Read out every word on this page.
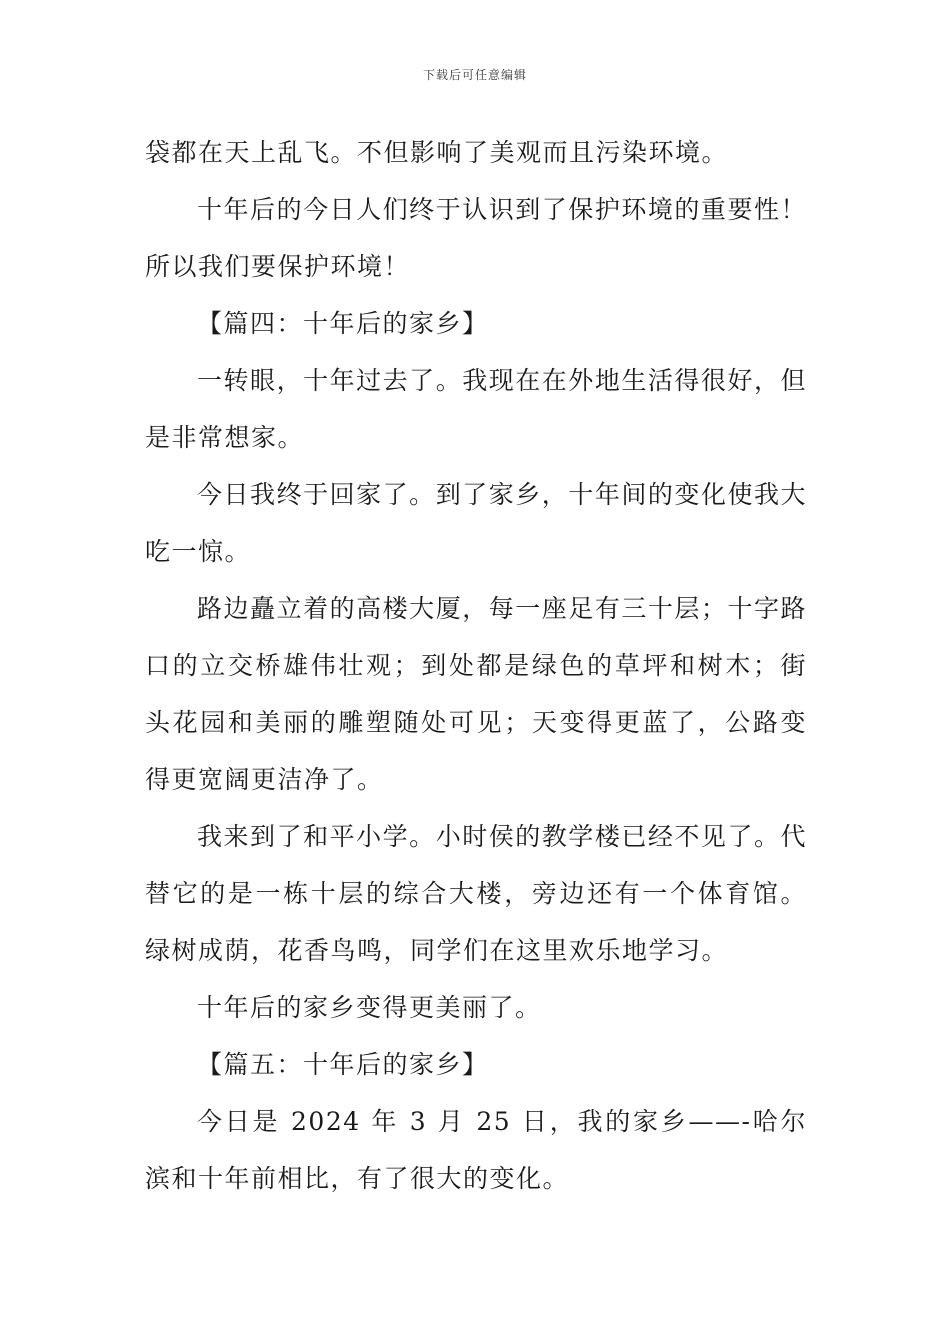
下载后可任意编辑

袋都在天上乱飞。不但影响了美观而且污染环境。

十年后的今日人们终于认识到了保护环境的重要性！所以我们要保护环境！

【篇四：十年后的家乡】

一转眼，十年过去了。我现在在外地生活得很好，但是非常想家。

今日我终于回家了。到了家乡，十年间的变化使我大吃一惊。

路边矗立着的高楼大厦，每一座足有三十层；十字路口的立交桥雄伟壮观；到处都是绿色的草坪和树木；街头花园和美丽的雕塑随处可见；天变得更蓝了，公路变得更宽阔更洁净了。

我来到了和平小学。小时侯的教学楼已经不见了。代替它的是一栋十层的综合大楼，旁边还有一个体育馆。绿树成荫，花香鸟鸣，同学们在这里欢乐地学习。

十年后的家乡变得更美丽了。

【篇五：十年后的家乡】

今日是 2024 年 3 月 25 日，我的家乡——-哈尔滨和十年前相比，有了很大的变化。
